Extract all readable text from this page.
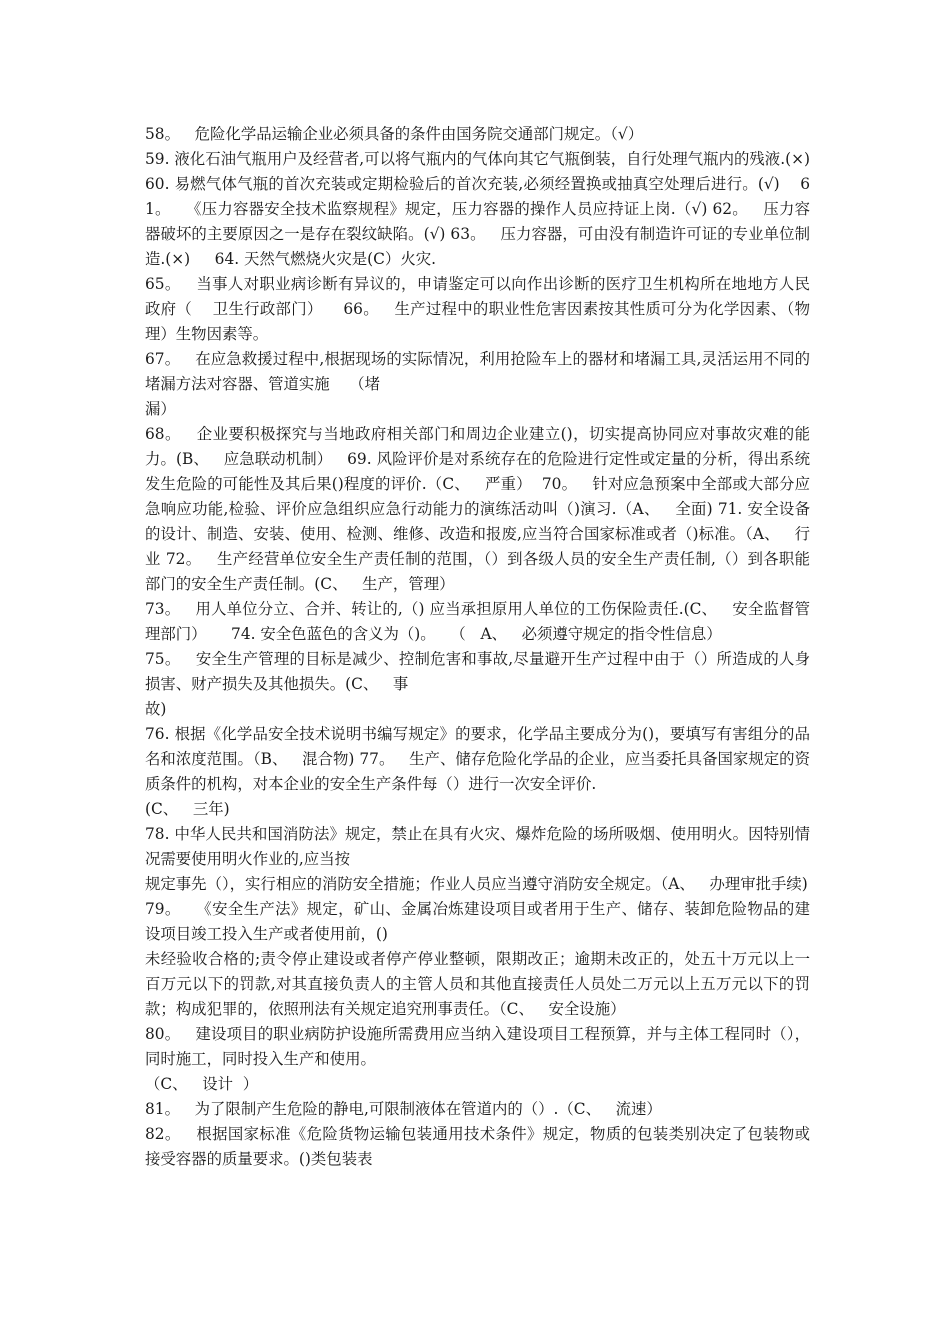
58。   危险化学品运输企业必须具备的条件由国务院交通部门规定。（√）

59. 液化石油气瓶用户及经营者,可以将气瓶内的气体向其它气瓶倒装，自行处理气瓶内的残液.(×) 60. 易燃气体气瓶的首次充装或定期检验后的首次充装,必须经置换或抽真空处理后进行。(√)    61。   《压力容器安全技术监察规程》规定，压力容器的操作人员应持证上岗.（√) 62。   压力容器破坏的主要原因之一是存在裂纹缺陷。(√) 63。   压力容器，可由没有制造许可证的专业单位制造.(×)     64. 天然气燃烧火灾是(C）火灾.

65。   当事人对职业病诊断有异议的，申请鉴定可以向作出诊断的医疗卫生机构所在地地方人民政府（    卫生行政部门）    66。   生产过程中的职业性危害因素按其性质可分为化学因素、（物理）生物因素等。

67。   在应急救援过程中,根据现场的实际情况，利用抢险车上的器材和堵漏工具,灵活运用不同的堵漏方法对容器、管道实施    （堵

漏）

68。   企业要积极探究与当地政府相关部门和周边企业建立()，切实提高协同应对事故灾难的能力。(B、   应急联动机制）   69. 风险评价是对系统存在的危险进行定性或定量的分析，得出系统发生危险的可能性及其后果()程度的评价.（C、   严重）  70。   针对应急预案中全部或大部分应急响应功能,检验、评价应急组织应急行动能力的演练活动叫（)演习.（A、   全面) 71. 安全设备的设计、制造、安装、使用、检测、维修、改造和报废,应当符合国家标准或者（)标准。（A、   行业 72。   生产经营单位安全生产责任制的范围，（）到各级人员的安全生产责任制,（）到各职能部门的安全生产责任制。(C、   生产，管理）

73。   用人单位分立、合并、转让的,（) 应当承担原用人单位的工伤保险责任.(C、   安全监督管理部门）     74. 安全色蓝色的含义为（)。   （   A、   必须遵守规定的指令性信息）

75。   安全生产管理的目标是减少、控制危害和事故,尽量避开生产过程中由于（）所造成的人身损害、财产损失及其他损失。(C、   事

故)

76. 根据《化学品安全技术说明书编写规定》的要求，化学品主要成分为()，要填写有害组分的品名和浓度范围。（B、   混合物) 77。   生产、储存危险化学品的企业，应当委托具备国家规定的资质条件的机构，对本企业的安全生产条件每（）进行一次安全评价.

(C、   三年)

78. 中华人民共和国消防法》规定，禁止在具有火灾、爆炸危险的场所吸烟、使用明火。因特别情况需要使用明火作业的,应当按

规定事先（），实行相应的消防安全措施；作业人员应当遵守消防安全规定。（A、   办理审批手续)

79。   《安全生产法》规定，矿山、金属冶炼建设项目或者用于生产、储存、装卸危险物品的建设项目竣工投入生产或者使用前，()

未经验收合格的;责令停止建设或者停产停业整顿，限期改正；逾期未改正的，处五十万元以上一百万元以下的罚款,对其直接负责人的主管人员和其他直接责任人员处二万元以上五万元以下的罚款；构成犯罪的，依照刑法有关规定追究刑事责任。（C、   安全设施）

80。   建设项目的职业病防护设施所需费用应当纳入建设项目工程预算，并与主体工程同时（），同时施工，同时投入生产和使用。

（C、   设计  ）

81。   为了限制产生危险的静电,可限制液体在管道内的（）.（C、   流速）

82。   根据国家标准《危险货物运输包装通用技术条件》规定，物质的包装类别决定了包装物或接受容器的质量要求。()类包装表
